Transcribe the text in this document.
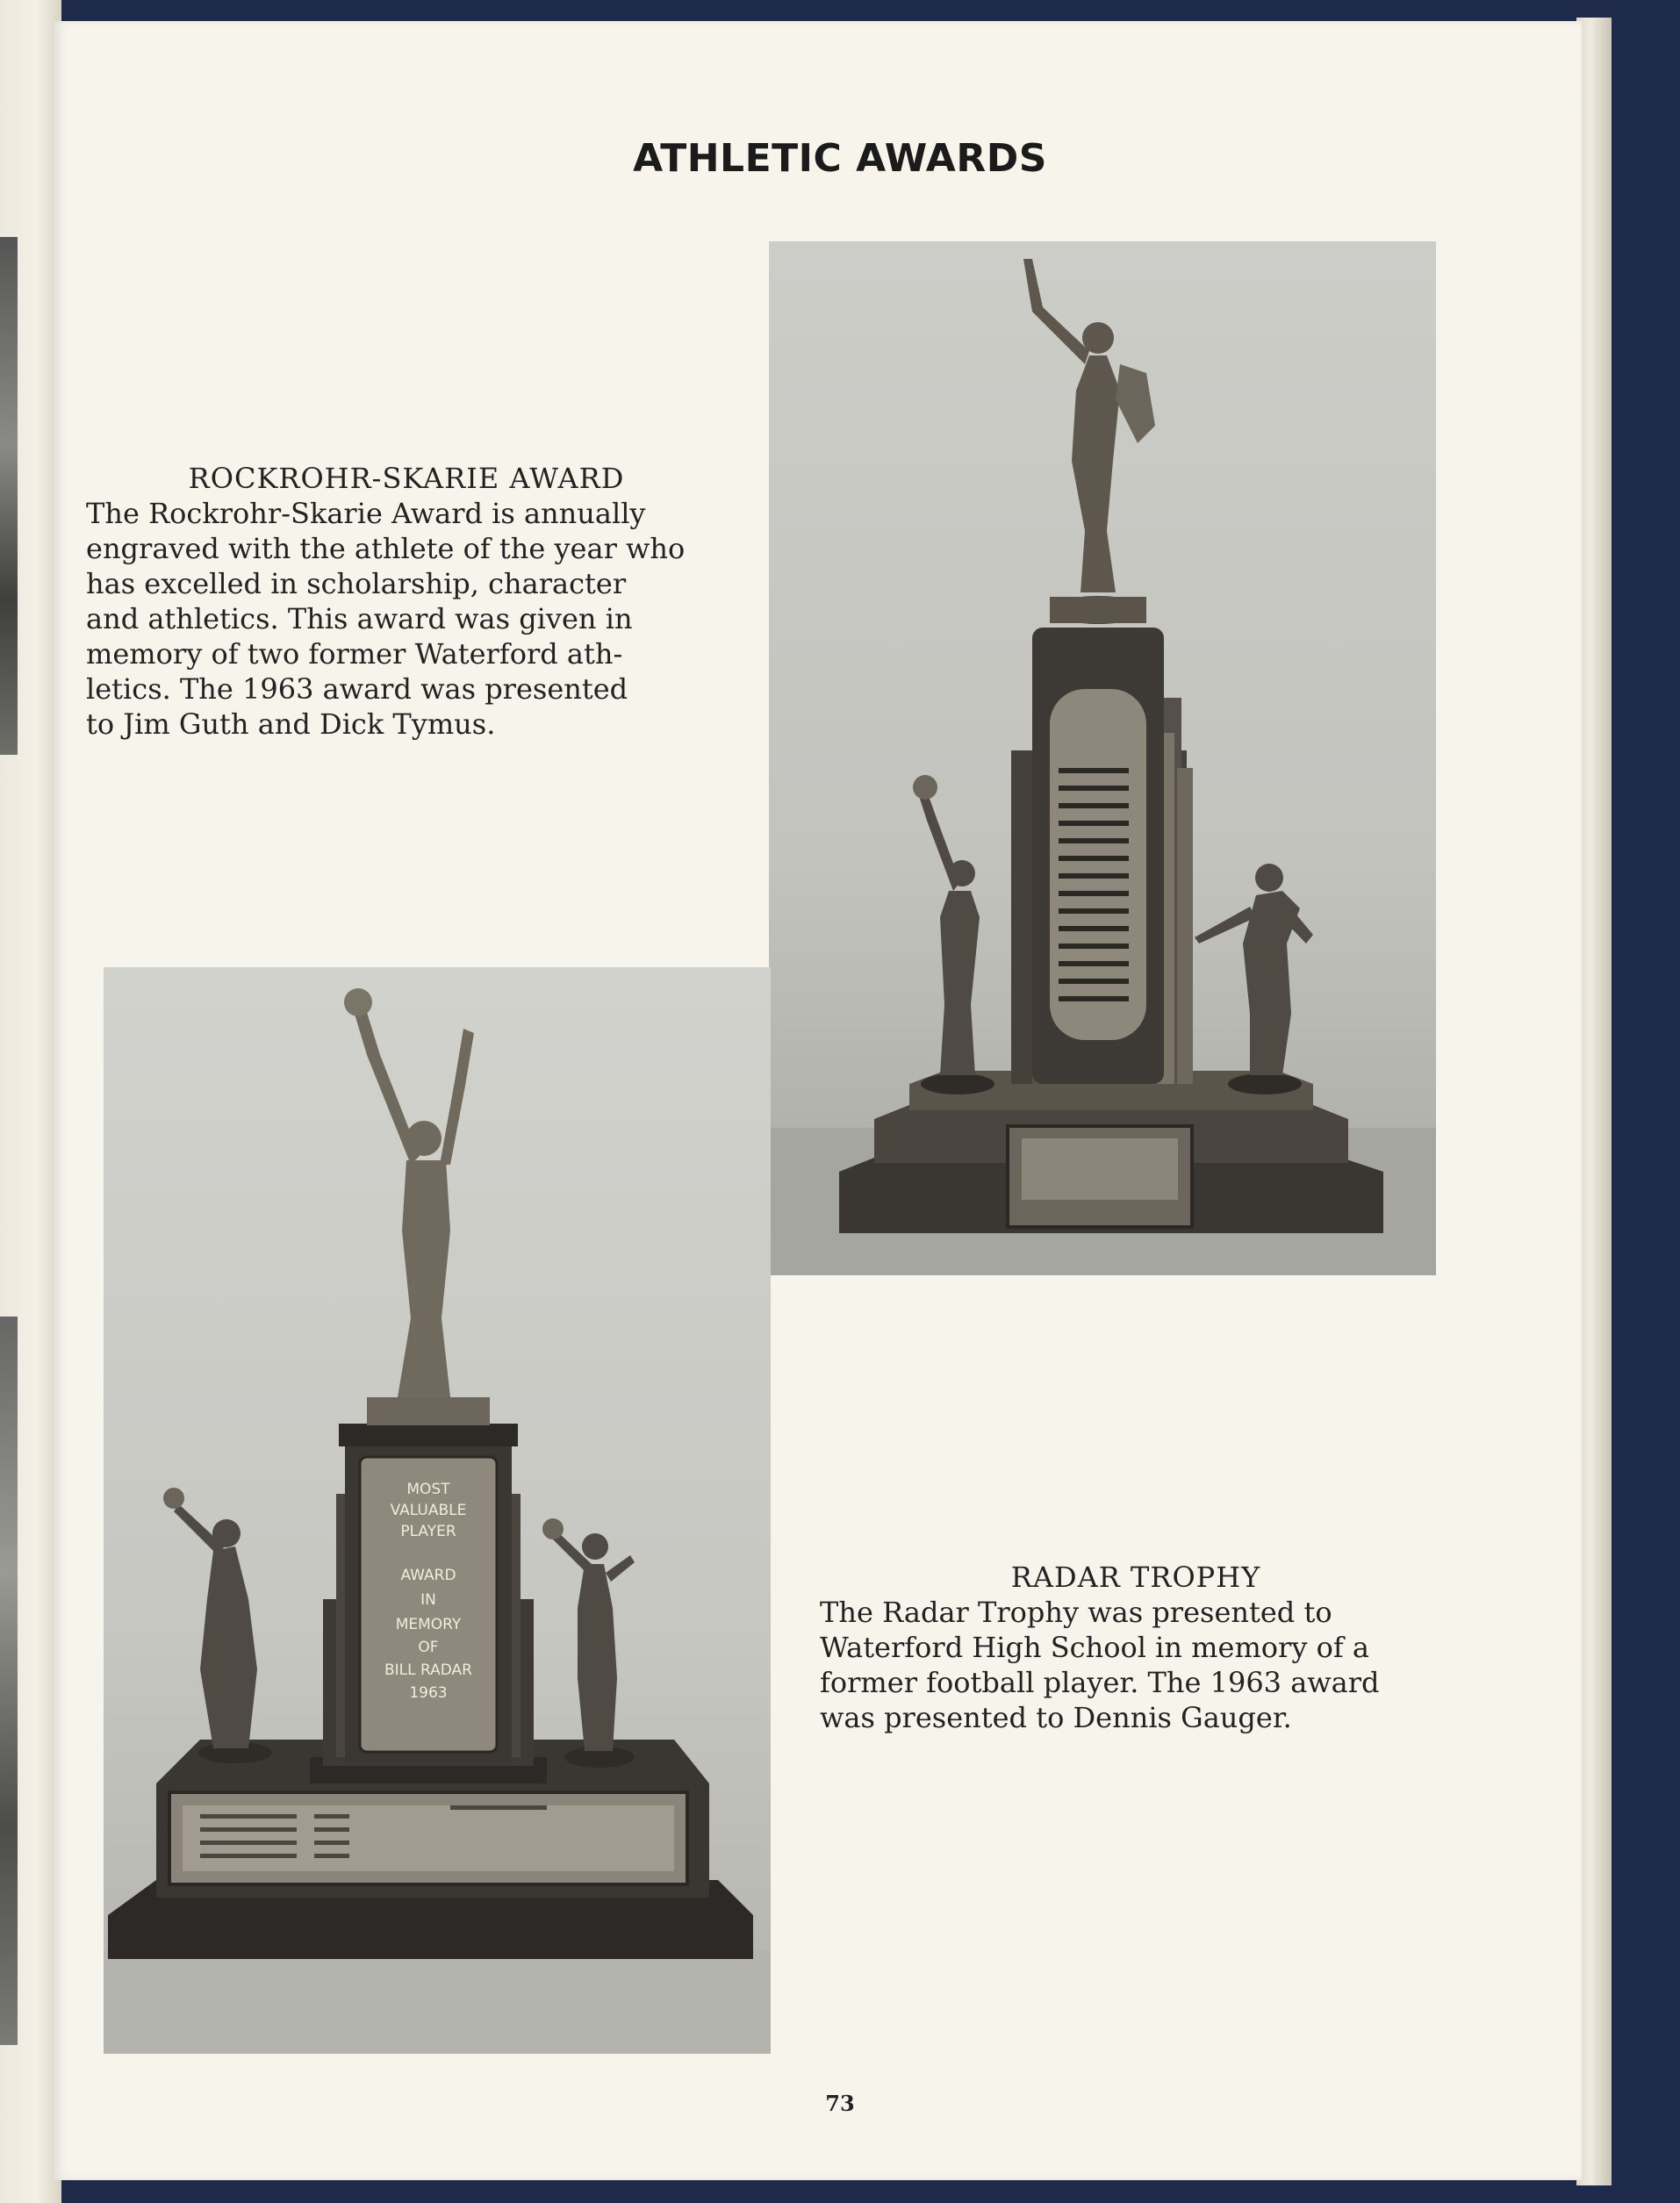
ATHLETIC AWARDS
MOST
VALUABLE
PLAYER
AWARD
IN
MEMORY
OF
BILL RADAR
1963
ROCKROHR-SKARIE AWARD
The Rockrohr-Skarie Award is annually
engraved with the athlete of the year who
has excelled in scholarship, character
and athletics. This award was given in
memory of two former Waterford ath-
letics. The 1963 award was presented
to Jim Guth and Dick Tymus.
RADAR TROPHY
The Radar Trophy was presented to
Waterford High School in memory of a
former football player. The 1963 award
was presented to Dennis Gauger.
73
